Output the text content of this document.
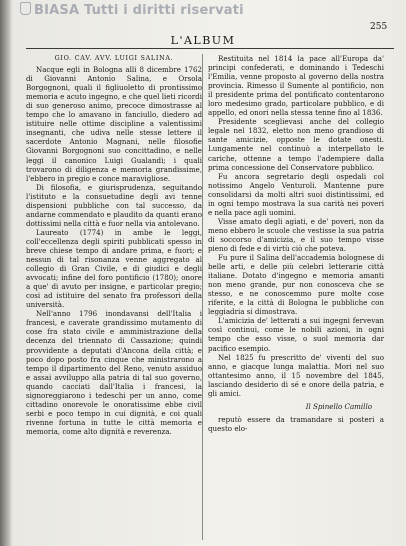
BIASA Tutti i diritti riservati
255
L'ALBUM
GIO. CAV. AVV. LUIGI SALINA.

Nacque egli in Bologna alli 8 dicembre 1762 di Giovanni Antonio Salina, e Orsola Borgognoni, quali il figliuoletto di prontissimo memoria e acuto ingegno, e che quel lieti ricordi di suo generoso animo, precoce dimostrasse al tempo che lo amavano in fanciullo, diedero ad istituire nelle ottime discipline a valentissimi insegnanti, che udiva nelle stesse lettere il sacerdote Antonio Magnani, nelle filosofie Giovanni Borgognoni suo concittadino, e nelle leggi il canonico Luigi Gualandi; i quali trovarono di diligenza e memoria grandissime, l'ebbero in pregio e conce maravigliose.

Di filosofia, e giurisprudenza, seguitando l'istituto e la consuetudine degli avi tenne dispensioni pubbliche con tal successo, da andarne commendato e plaudito da quanti erano dottissimi nella città e fuor nella via antolevano.

Laureato (1774) in ambe le leggi, coll'eccellenza degli spiriti pubblicati spesso in breve chiese tempo di andare prima, e fuori; e nessun di tal risonanza venne aggregato al collegio di Gran Civile, e di giudici e degli avvocati; infine del foro pontificio (1780); onore a que' di avuto per insigne, e particolar pregio; cosi ad istituire del senato fra professori della università.

Nell'anno 1796 inondavansi dell'Italia i francesi, e caverate grandissimo mutamento di cose fra stato civile e amministrazione della decenza del triennato di Cassazione; quindi provvidente a deputati d'Ancona della città; e poco dopo posto fra cinque che ministrarono a tempo il dipartimento del Reno, venuto assiduo e assai avviluppo alla patria di tal suo governo, quando cacciati dall'Italia i francesi, la signoreggiarono i tedeschi per un anno, come cittadino onorevole le onoratissime ebbe civil serbi e poco tempo in cui dignità, e coi quali rivenne fortuna in tutte le città memoria e memoria, come alto dignità e reverenza.

Restituita nel 1814 la pace all'Europa da' principi confederati, e dominando i Tedeschi l'Emilia, venne proposto al governo della nostra provincia. Rimesso il Sumente al pontificio, non il presidente prima del pontificato contentarono loro medesimo grado, particolare pubblico, e di appello, ed onori nella stessa tenne fino al 1836.

Presidente sceglievasi anche del collegio legale nel 1832, eletto non meno grandioso di sante amicizie, opposte le dotate onesti. Lungamente nel continuò a interpellato le cariche, ottenne a tempo l'adempiere dalla prima concessione del Conservatore pubblico.

Fu ancora segretario degli ospedali col notissimo Angelo Venturoli. Mantenne pure consolidarsi da molti altri suoi distintissimi, ed in ogni tempo mostrava la sua carità nei poveri e nella pace agli uomini.

Visse amato degli agiati, e de' poveri, non da meno ebbero le scuole che vestisse la sua patria di soccorso d'amicizia, e il suo tempo visse pieno di fede e di virtù ciò che poteva.

Fu pure il Salina dell'accademia bolognese di belle arti, e delle più celebri letterarie città italiane. Dotato d'ingegno e memoria amanti non meno grande, pur non conosceva che se stesso, e ne conoscemmo pure molte cose riferite, e la città di Bologna le pubbliche con leggiadria si dimostrava.

L'amicizia de' letterati a sui ingegni fervevan così continui, come le nobili azioni, in ogni tempo che esso visse, o suol memoria dar pacifico esempio.

Nel 1825 fu prescritto de' viventi del suo anno, e giacque lunga malattia. Mori nel suo ottantesimo anno, il 15 novembre del 1845, lasciando desiderio di sé e onore della patria, e gli amici.

Il Spinello Camillo

reputò essere da tramandare si posteri a questo elo-
